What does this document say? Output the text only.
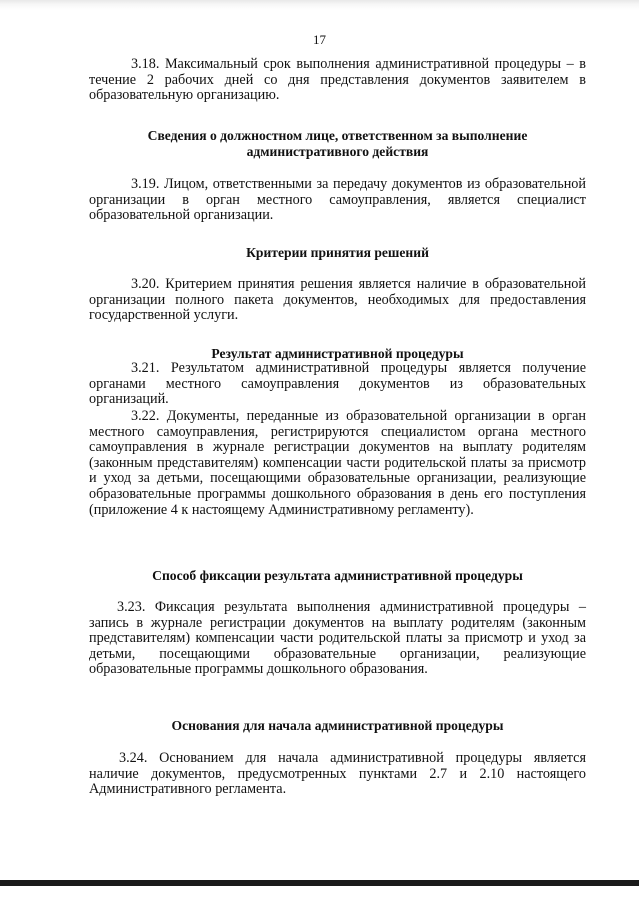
17

3.18. Максимальный срок выполнения административной процедуры – в течение 2 рабочих дней со дня представления документов заявителем в образовательную организацию.

Сведения о должностном лице, ответственном за выполнение административного действия

3.19. Лицом, ответственными за передачу документов из образовательной организации в орган местного самоуправления, является специалист образовательной организации.

Критерии принятия решений

3.20. Критерием принятия решения является наличие в образовательной организации полного пакета документов, необходимых для предоставления государственной услуги.

Результат административной процедуры

3.21. Результатом административной процедуры является получение органами местного самоуправления документов из образовательных организаций.

3.22. Документы, переданные из образовательной организации в орган местного самоуправления, регистрируются специалистом органа местного самоуправления в журнале регистрации документов на выплату родителям (законным представителям) компенсации части родительской платы за присмотр и уход за детьми, посещающими образовательные организации, реализующие образовательные программы дошкольного образования в день его поступления (приложение 4 к настоящему Административному регламенту).

Способ фиксации результата административной процедуры

3.23. Фиксация результата выполнения административной процедуры – запись в журнале регистрации документов на выплату родителям (законным представителям) компенсации части родительской платы за присмотр и уход за детьми, посещающими образовательные организации, реализующие образовательные программы дошкольного образования.

Основания для начала административной процедуры

3.24. Основанием для начала административной процедуры является наличие документов, предусмотренных пунктами 2.7 и 2.10 настоящего Административного регламента.
